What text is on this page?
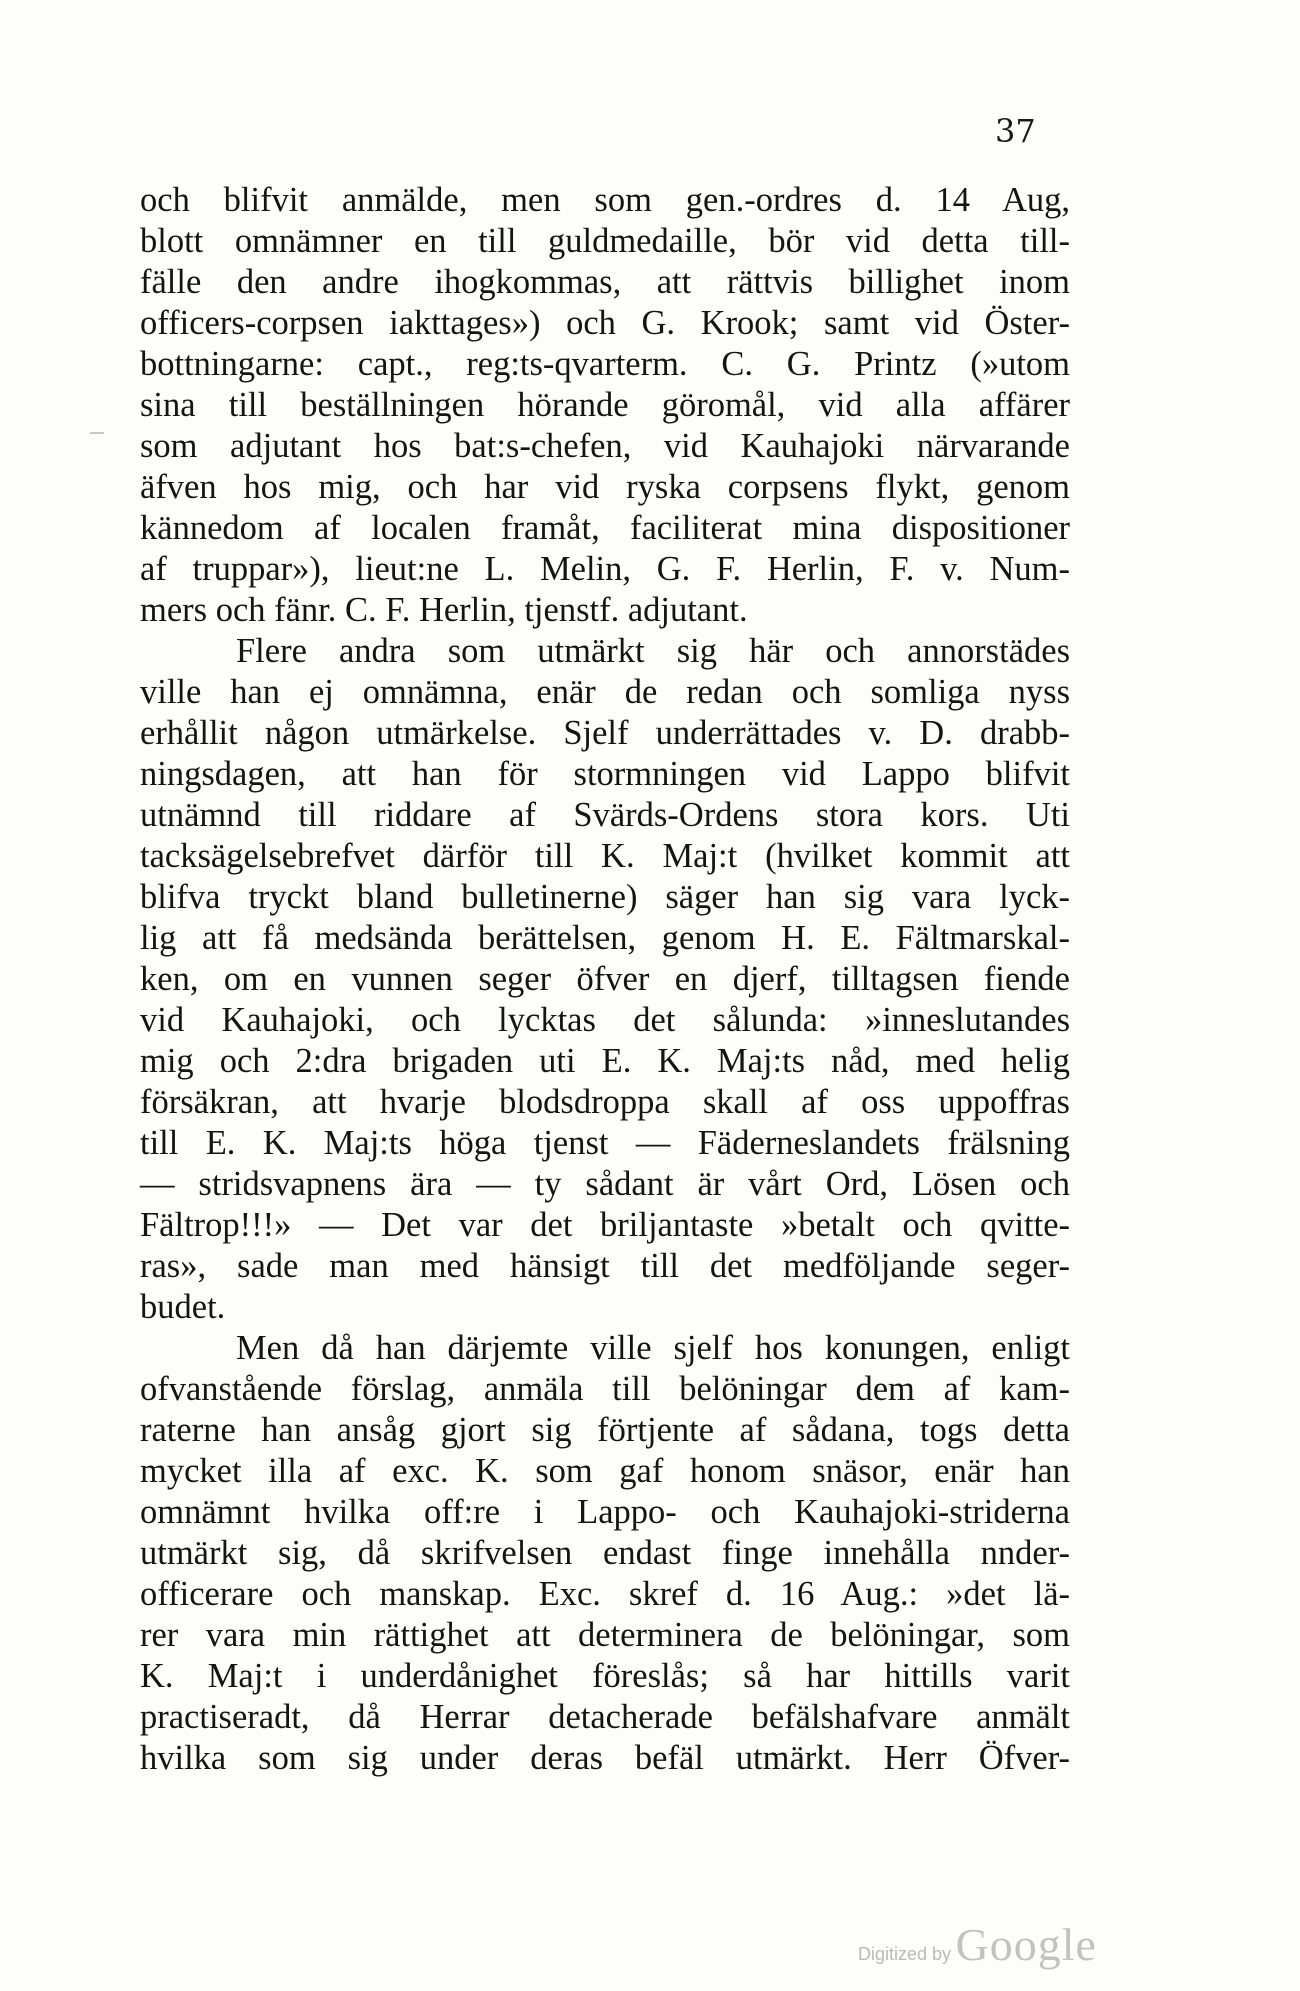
37
och blifvit anmälde, men som gen.-ordres d. 14 Aug,
blott omnämner en till guldmedaille, bör vid detta till-
fälle den andre ihogkommas, att rättvis billighet inom
officers-corpsen iakttages») och G. Krook; samt vid Öster-
bottningarne: capt., reg:ts-qvarterm. C. G. Printz (»utom
sina till beställningen hörande göromål, vid alla affärer
som adjutant hos bat:s-chefen, vid Kauhajoki närvarande
äfven hos mig, och har vid ryska corpsens flykt, genom
kännedom af localen framåt, faciliterat mina dispositioner
af truppar»), lieut:ne L. Melin, G. F. Herlin, F. v. Num-
mers och fänr. C. F. Herlin, tjenstf. adjutant.
Flere andra som utmärkt sig här och annorstädes
ville han ej omnämna, enär de redan och somliga nyss
erhållit någon utmärkelse. Sjelf underrättades v. D. drabb-
ningsdagen, att han för stormningen vid Lappo blifvit
utnämnd till riddare af Svärds-Ordens stora kors. Uti
tacksägelsebrefvet därför till K. Maj:t (hvilket kommit att
blifva tryckt bland bulletinerne) säger han sig vara lyck-
lig att få medsända berättelsen, genom H. E. Fältmarskal-
ken, om en vunnen seger öfver en djerf, tilltagsen fiende
vid Kauhajoki, och lycktas det sålunda: »inneslutandes
mig och 2:dra brigaden uti E. K. Maj:ts nåd, med helig
försäkran, att hvarje blodsdroppa skall af oss uppoffras
till E. K. Maj:ts höga tjenst — Fäderneslandets frälsning
— stridsvapnens ära — ty sådant är vårt Ord, Lösen och
Fältrop!!!» — Det var det briljantaste »betalt och qvitte-
ras», sade man med hänsigt till det medföljande seger-
budet.
Men då han därjemte ville sjelf hos konungen, enligt
ofvanstående förslag, anmäla till belöningar dem af kam-
raterne han ansåg gjort sig förtjente af sådana, togs detta
mycket illa af exc. K. som gaf honom snäsor, enär han
omnämnt hvilka off:re i Lappo- och Kauhajoki-striderna
utmärkt sig, då skrifvelsen endast finge innehålla nnder-
officerare och manskap. Exc. skref d. 16 Aug.: »det lä-
rer vara min rättighet att determinera de belöningar, som
K. Maj:t i underdånighet föreslås; så har hittills varit
practiseradt, då Herrar detacherade befälshafvare anmält
hvilka som sig under deras befäl utmärkt. Herr Öfver-
Digitized by Google
